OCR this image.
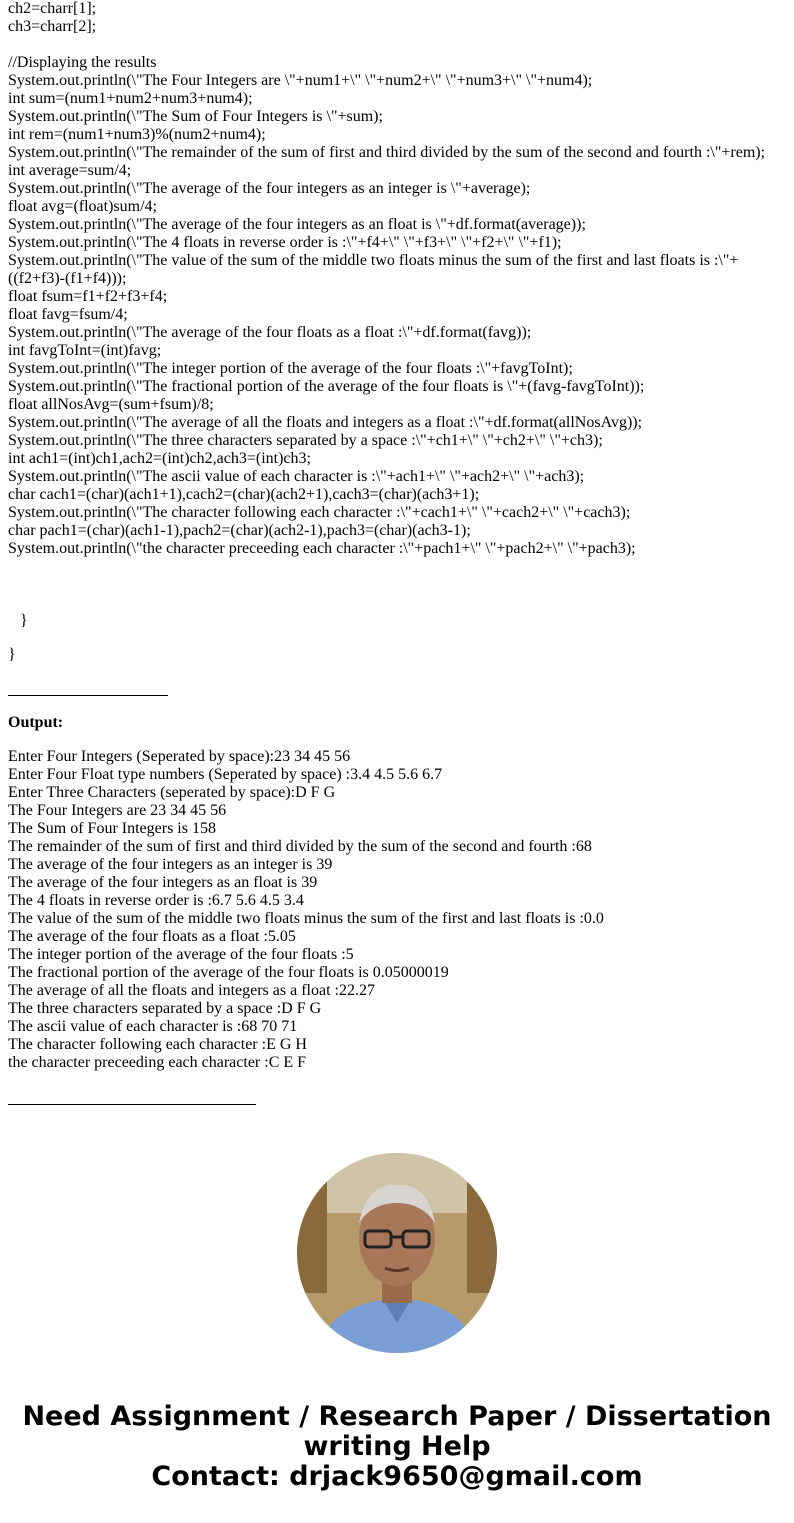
ch2=charr[1];
ch3=charr[2];
//Displaying the results
System.out.println(\"The Four Integers are \"+num1+\" \"+num2+\" \"+num3+\" \"+num4);
int sum=(num1+num2+num3+num4);
System.out.println(\"The Sum of Four Integers is \"+sum);
int rem=(num1+num3)%(num2+num4);
System.out.println(\"The remainder of the sum of first and third divided by the sum of the second and fourth :\"+rem);
int average=sum/4;
System.out.println(\"The average of the four integers as an integer is \"+average);
float avg=(float)sum/4;
System.out.println(\"The average of the four integers as an float is \"+df.format(average));
System.out.println(\"The 4 floats in reverse order is :\"+f4+\" \"+f3+\" \"+f2+\" \"+f1);
System.out.println(\"The value of the sum of the middle two floats minus the sum of the first and last floats is :\"+
((f2+f3)-(f1+f4)));
float fsum=f1+f2+f3+f4;
float favg=fsum/4;
System.out.println(\"The average of the four floats as a float :\"+df.format(favg));
int favgToInt=(int)favg;
System.out.println(\"The integer portion of the average of the four floats :\"+favgToInt);
System.out.println(\"The fractional portion of the average of the four floats is \"+(favg-favgToInt));
float allNosAvg=(sum+fsum)/8;
System.out.println(\"The average of all the floats and integers as a float :\"+df.format(allNosAvg));
System.out.println(\"The three characters separated by a space :\"+ch1+\" \"+ch2+\" \"+ch3);
int ach1=(int)ch1,ach2=(int)ch2,ach3=(int)ch3;
System.out.println(\"The ascii value of each character is :\"+ach1+\" \"+ach2+\" \"+ach3);
char cach1=(char)(ach1+1),cach2=(char)(ach2+1),cach3=(char)(ach3+1);
System.out.println(\"The character following each character :\"+cach1+\" \"+cach2+\" \"+cach3);
char pach1=(char)(ach1-1),pach2=(char)(ach2-1),pach3=(char)(ach3-1);
System.out.println(\"the character preceeding each character :\"+pach1+\" \"+pach2+\" \"+pach3);
}
}
Output:
Enter Four Integers (Seperated by space):23 34 45 56
Enter Four Float type numbers (Seperated by space) :3.4 4.5 5.6 6.7
Enter Three Characters (seperated by space):D F G
The Four Integers are 23 34 45 56
The Sum of Four Integers is 158
The remainder of the sum of first and third divided by the sum of the second and fourth :68
The average of the four integers as an integer is 39
The average of the four integers as an float is 39
The 4 floats in reverse order is :6.7 5.6 4.5 3.4
The value of the sum of the middle two floats minus the sum of the first and last floats is :0.0
The average of the four floats as a float :5.05
The integer portion of the average of the four floats :5
The fractional portion of the average of the four floats is 0.05000019
The average of all the floats and integers as a float :22.27
The three characters separated by a space :D F G
The ascii value of each character is :68 70 71
The character following each character :E G H
the character preceeding each character :C E F
Need Assignment / Research Paper / Dissertation
writing Help
Contact: drjack9650@gmail.com
